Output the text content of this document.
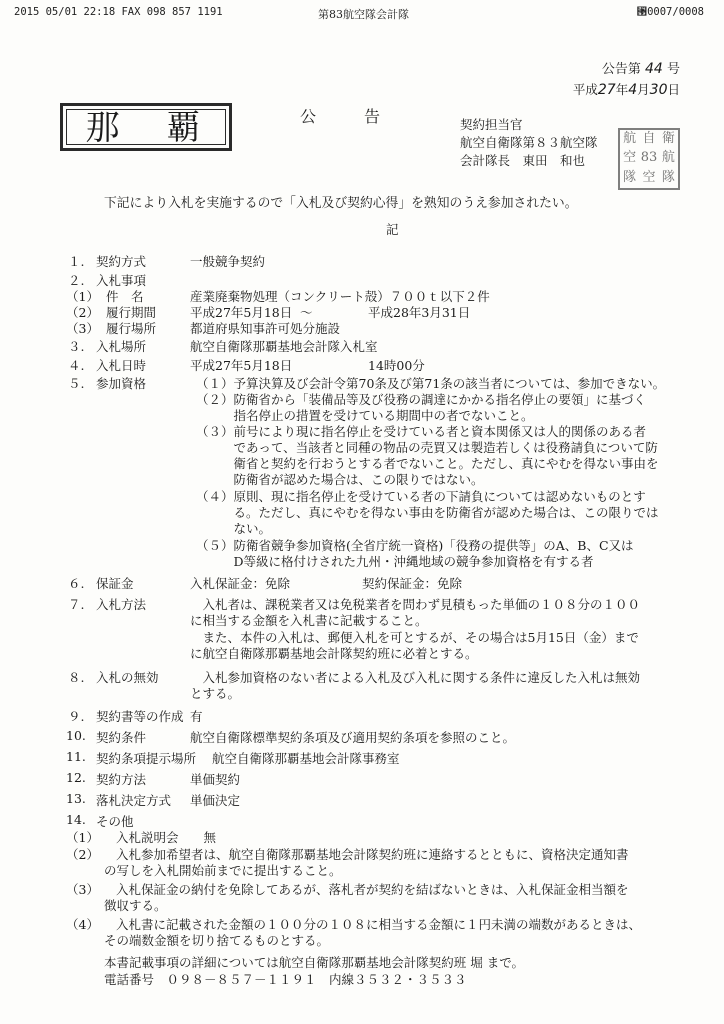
2015 05/01 22:18 FAX 098 857 1191	第83航空隊会計隊	⑓0007/0008
公告第 44 号
平成27年4月30日
那 覇	公　　　告	契約担当官
航空自衛隊第８３航空隊
会計隊長　東田　和也
航 自 衛
空 83 航
隊 空 隊
下記により入札を実施するので「入札及び契約心得」を熟知のうえ参加されたい。
記
１. 契約方式	一般競争契約
２. 入札事項
（1） 件　名	産業廃棄物処理（コンクリート殻）７００ｔ以下２件
（2） 履行期間	平成27年5月18日 ～	平成28年3月31日
（3） 履行場所	都道府県知事許可処分施設
３. 入札場所	航空自衛隊那覇基地会計隊入札室
４. 入札日時	平成27年5月18日	14時00分
５. 参加資格	（１）予算決算及び会計令第70条及び第71条の該当者については、参加できない。
（２）防衛省から「装備品等及び役務の調達にかかる指名停止の要領」に基づく
　　　指名停止の措置を受けている期間中の者でないこと。
（３）前号により現に指名停止を受けている者と資本関係又は人的関係のある者
　　　であって、当該者と同種の物品の売買又は製造若しくは役務請負について防
　　　衛省と契約を行おうとする者でないこと。ただし、真にやむを得ない事由を
　　　防衛省が認めた場合は、この限りではない。
（４）原則、現に指名停止を受けている者の下請負については認めないものとす
　　　る。ただし、真にやむを得ない事由を防衛省が認めた場合は、この限りでは
　　　ない。
（５）防衛省競争参加資格(全省庁統一資格)「役務の提供等」のA、B、C又は
　　　D等級に格付けされた九州・沖縄地域の競争参加資格を有する者
６. 保証金	入札保証金：免除	契約保証金：免除
７. 入札方法	　入札者は、課税業者又は免税業者を問わず見積もった単価の１０８分の１００
に相当する金額を入札書に記載すること。
　また、本件の入札は、郵便入札を可とするが、その場合は5月15日（金）まで
に航空自衛隊那覇基地会計隊契約班に必着とする。
８. 入札の無効	　入札参加資格のない者による入札及び入札に関する条件に違反した入札は無効
とする。
９. 契約書等の作成 有
10. 契約条件	航空自衛隊標準契約条項及び適用契約条項を参照のこと。
11. 契約条項提示場所 航空自衛隊那覇基地会計隊事務室
12. 契約方法	単価契約
13. 落札決定方式 単価決定
14. その他
（1） 入札説明会　　無
（2） 入札参加希望者は、航空自衛隊那覇基地会計隊契約班に連絡するとともに、資格決定通知書
の写しを入札開始前までに提出すること。
（3） 入札保証金の納付を免除してあるが、落札者が契約を結ばないときは、入札保証金相当額を
徴収する。
（4） 入札書に記載された金額の１００分の１０８に相当する金額に１円未満の端数があるときは、
その端数金額を切り捨てるものとする。
本書記載事項の詳細については航空自衛隊那覇基地会計隊契約班 堀 まで。
電話番号　０９８－８５７－１１９１　内線３５３２・３５３３
